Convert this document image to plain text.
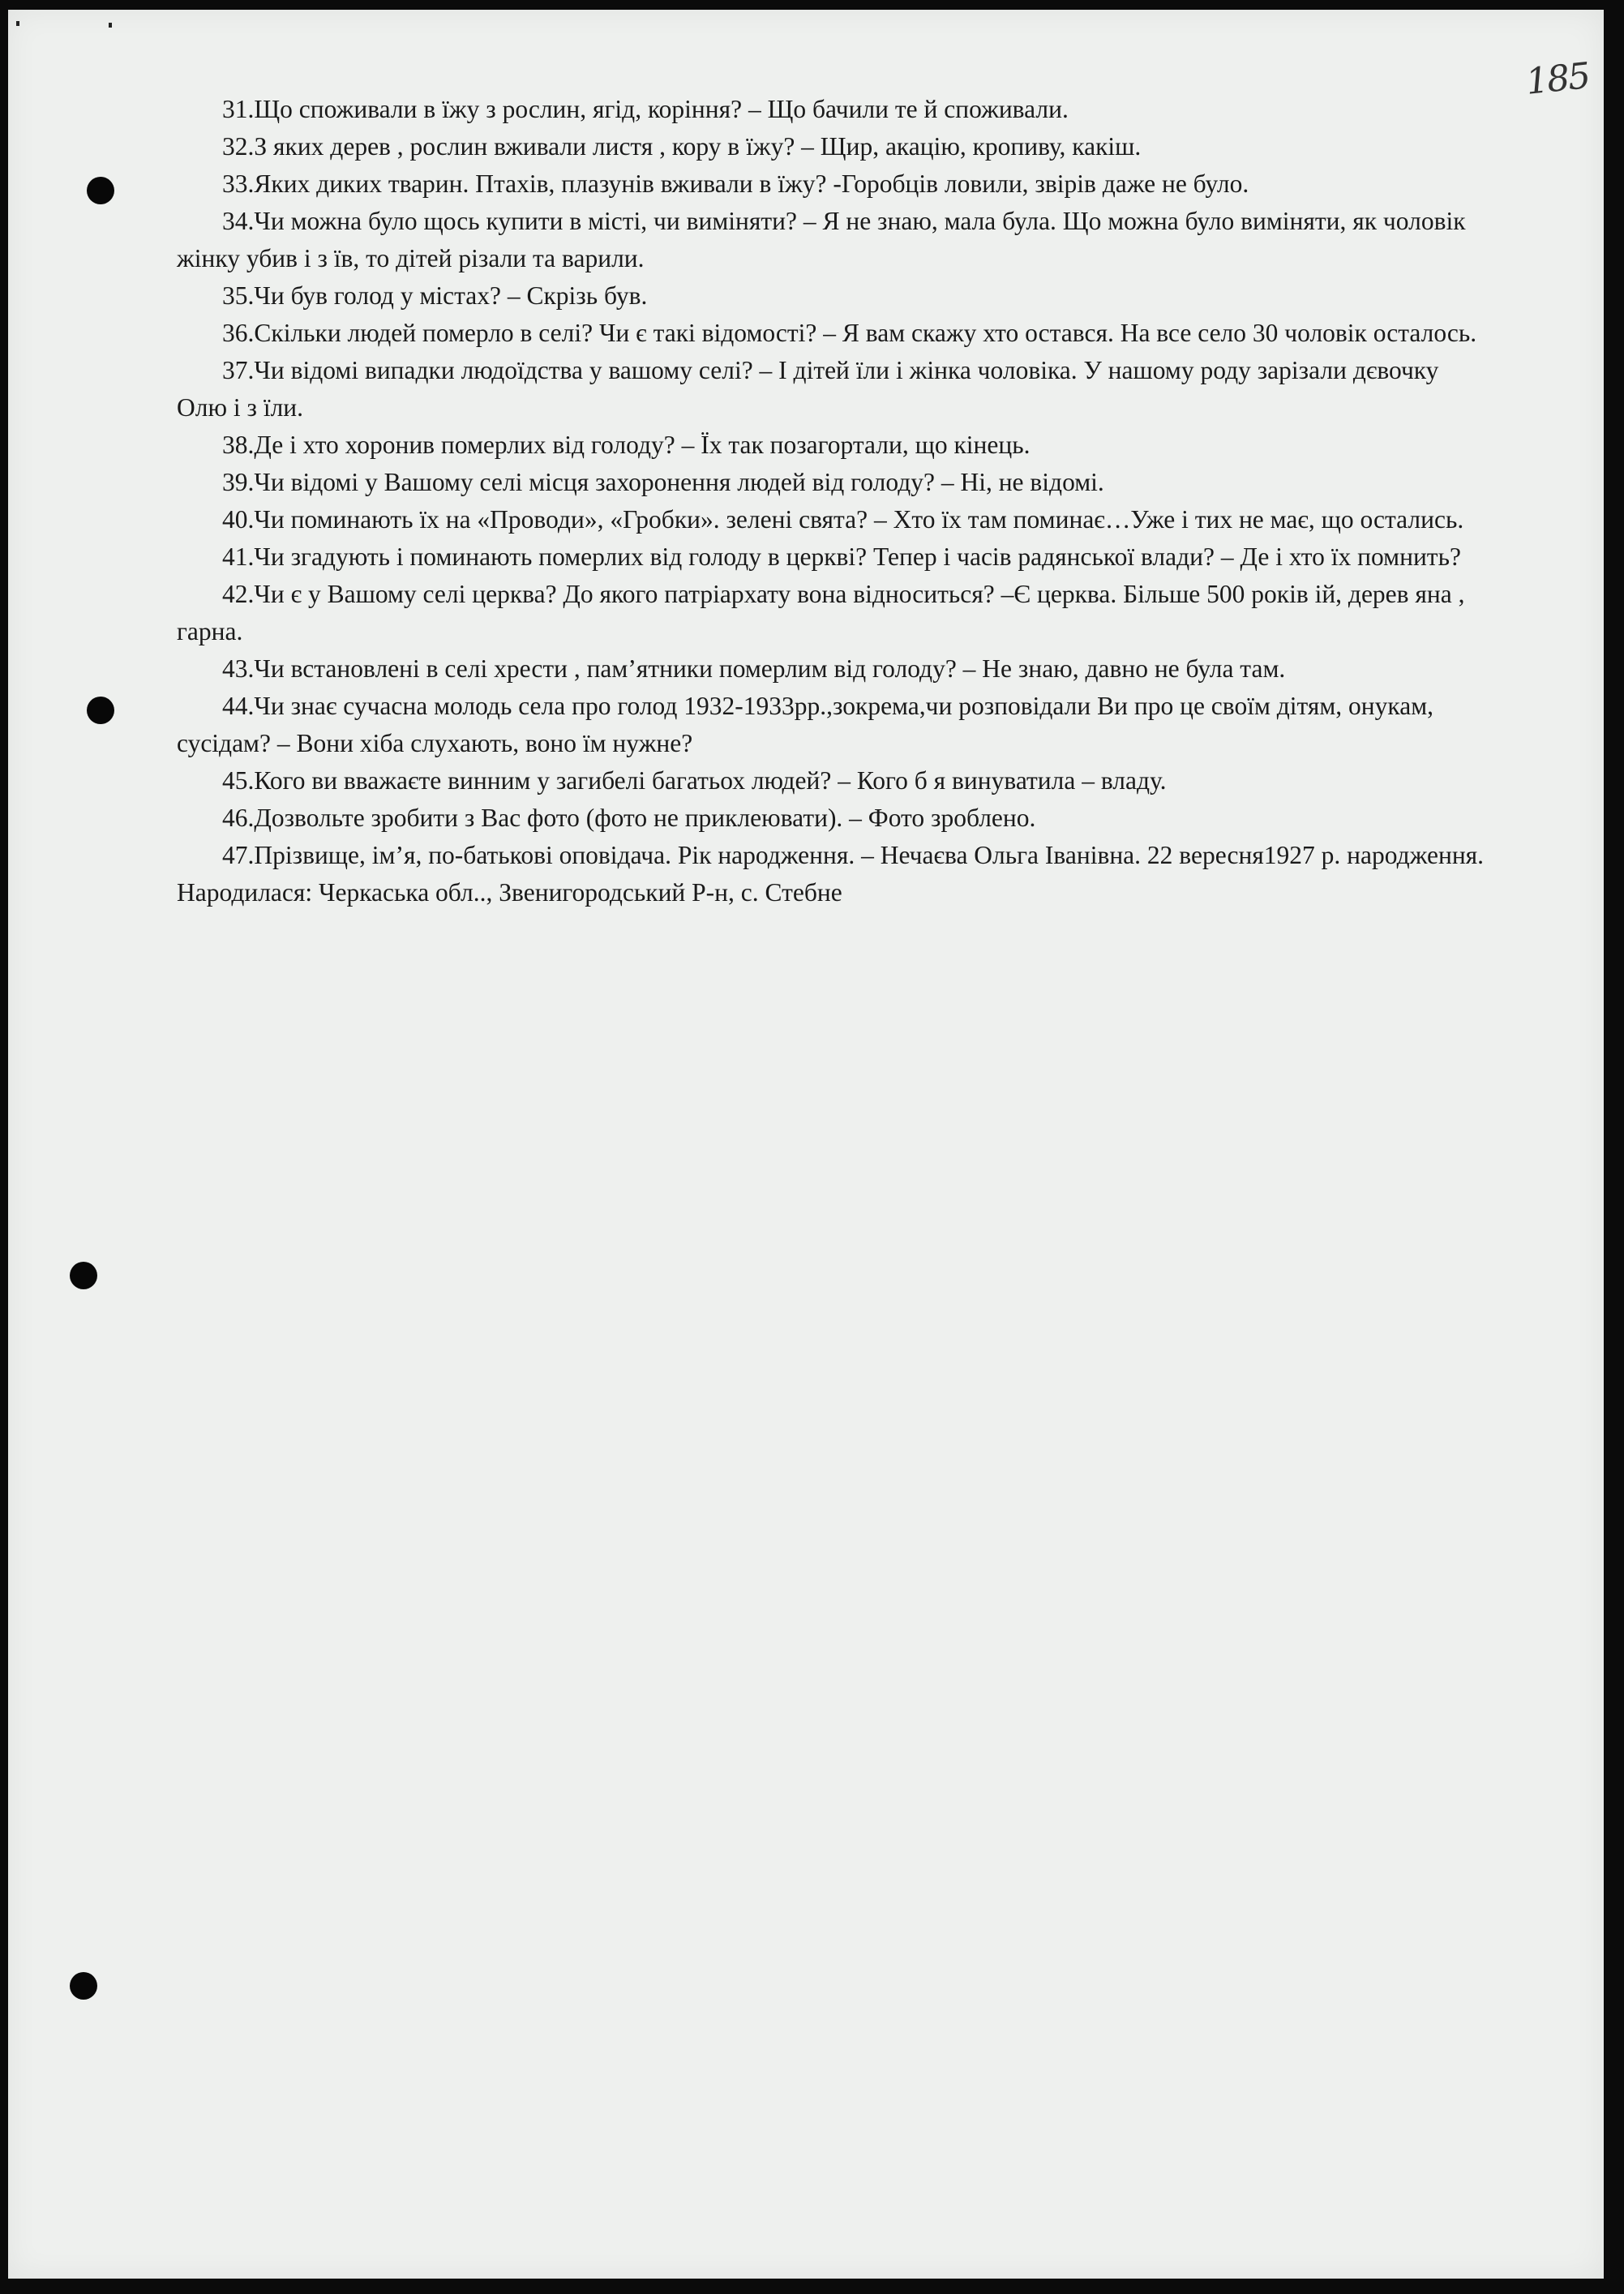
185

31.Що споживали в їжу з рослин, ягід, коріння? – Що бачили те й споживали.

32.З яких дерев , рослин вживали листя , кору в їжу? – Щир, акацію, кропиву, какіш.

33.Яких диких тварин. Птахів, плазунів вживали в їжу? -Горобців ловили, звірів даже не було.

34.Чи можна було щось купити в місті, чи виміняти? – Я не знаю, мала була. Що можна було виміняти, як чоловік жінку убив і з їв, то дітей різали та варили.

35.Чи був голод у містах? – Скрізь був.

36.Скільки людей померло в селі? Чи є такі відомості? – Я вам скажу хто остався. На все село 30 чоловік осталось.

37.Чи відомі випадки людоїдства у вашому селі? – І дітей їли і жінка чоловіка. У нашому роду зарізали дєвочку Олю і з їли.

38.Де і хто хоронив померлих від голоду? – Їх так позагортали, що кінець.

39.Чи відомі у Вашому селі місця захоронення людей від голоду? – Ні, не відомі.

40.Чи поминають їх на «Проводи», «Гробки». зелені свята? – Хто їх там поминає…Уже і тих не має, що остались.

41.Чи згадують і поминають померлих від голоду в церкві? Тепер і часів радянської влади? – Де і хто їх помнить?

42.Чи є у Вашому селі церква? До якого патріархату вона відноситься? –Є церква. Більше 500 років ій, дерев яна , гарна.

43.Чи встановлені в селі хрести , пам’ятники померлим від голоду? – Не знаю, давно не була там.

44.Чи знає сучасна молодь села про голод 1932-1933рр.,зокрема,чи розповідали Ви про це своїм дітям, онукам, сусідам? – Вони хіба слухають, воно їм нужне?

45.Кого ви вважаєте винним у загибелі багатьох людей? – Кого б я винуватила – владу.

46.Дозвольте зробити з Вас фото (фото не приклеювати). – Фото зроблено.

47.Прізвище, ім’я, по-батькові оповідача. Рік народження. – Нечаєва Ольга Іванівна. 22 вересня1927 р. народження. Народилася: Черкаська обл.., Звенигородський Р-н, с. Стебне
